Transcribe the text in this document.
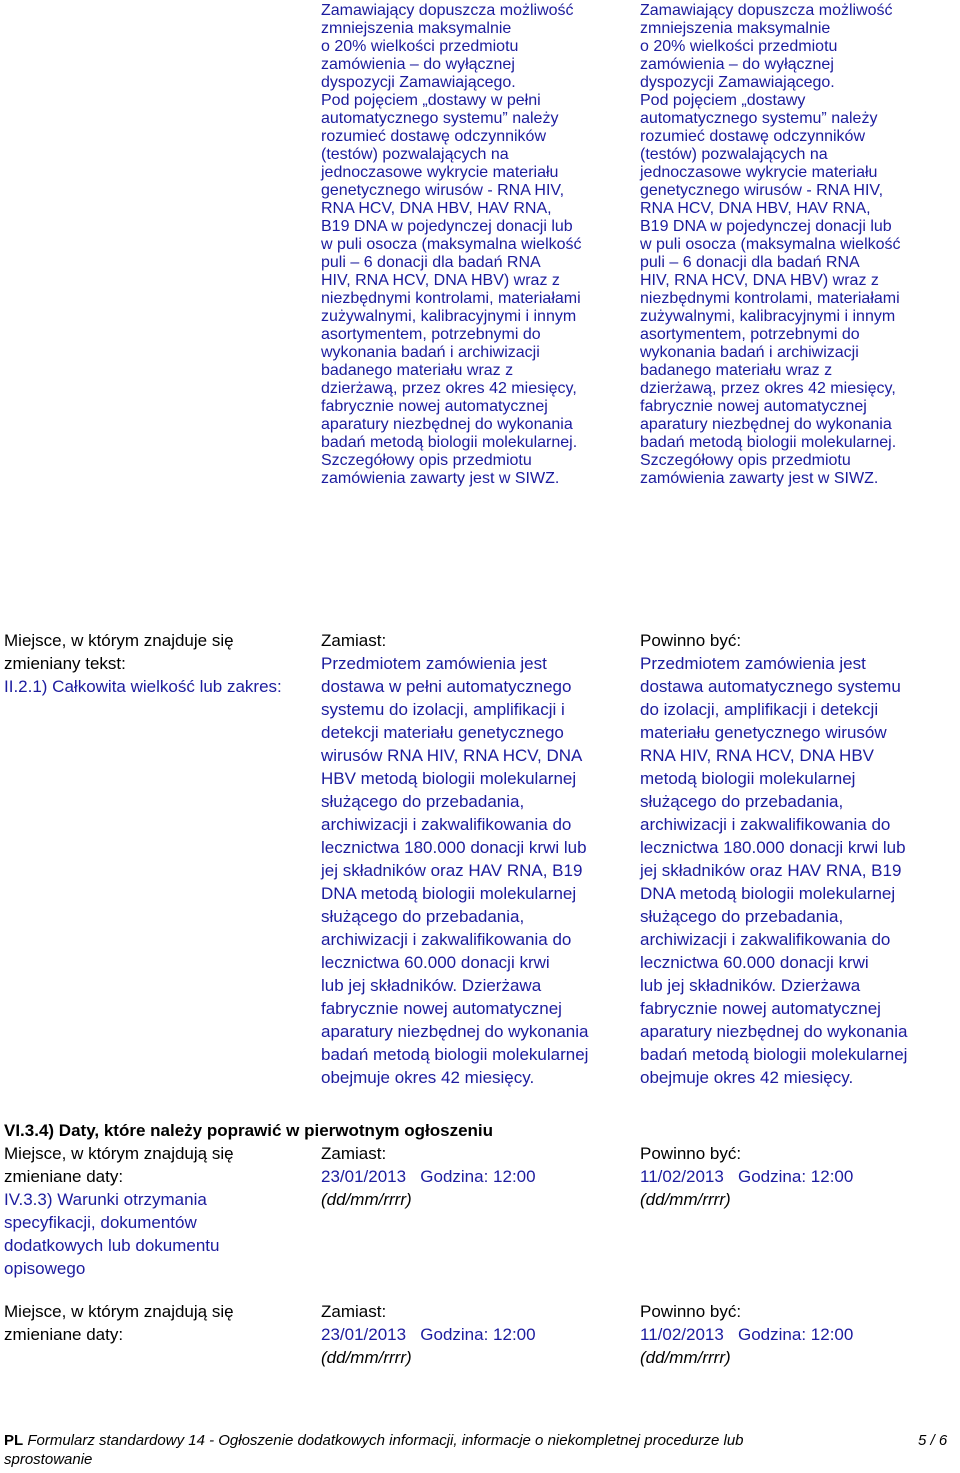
Zamawiający dopuszcza możliwość
zmniejszenia maksymalnie
o 20% wielkości przedmiotu
zamówienia – do wyłącznej
dyspozycji Zamawiającego.
Pod pojęciem „dostawy w pełni
automatycznego systemu” należy
rozumieć dostawę odczynników
(testów) pozwalających na
jednoczasowe wykrycie materiału
genetycznego wirusów - RNA HIV,
RNA HCV, DNA HBV, HAV RNA,
B19 DNA w pojedynczej donacji lub
w puli osocza (maksymalna wielkość
puli – 6 donacji dla badań RNA
HIV, RNA HCV, DNA HBV) wraz z
niezbędnymi kontrolami, materiałami
zużywalnymi, kalibracyjnymi i innym
asortymentem, potrzebnymi do
wykonania badań i archiwizacji
badanego materiału wraz z
dzierżawą, przez okres 42 miesięcy,
fabrycznie nowej automatycznej
aparatury niezbędnej do wykonania
badań metodą biologii molekularnej.
Szczegółowy opis przedmiotu
zamówienia zawarty jest w SIWZ.
Zamawiający dopuszcza możliwość
zmniejszenia maksymalnie
o 20% wielkości przedmiotu
zamówienia – do wyłącznej
dyspozycji Zamawiającego.
Pod pojęciem „dostawy
automatycznego systemu” należy
rozumieć dostawę odczynników
(testów) pozwalających na
jednoczasowe wykrycie materiału
genetycznego wirusów - RNA HIV,
RNA HCV, DNA HBV, HAV RNA,
B19 DNA w pojedynczej donacji lub
w puli osocza (maksymalna wielkość
puli – 6 donacji dla badań RNA
HIV, RNA HCV, DNA HBV) wraz z
niezbędnymi kontrolami, materiałami
zużywalnymi, kalibracyjnymi i innym
asortymentem, potrzebnymi do
wykonania badań i archiwizacji
badanego materiału wraz z
dzierżawą, przez okres 42 miesięcy,
fabrycznie nowej automatycznej
aparatury niezbędnej do wykonania
badań metodą biologii molekularnej.
Szczegółowy opis przedmiotu
zamówienia zawarty jest w SIWZ.
Miejsce, w którym znajduje się
zmieniany tekst:
II.2.1) Całkowita wielkość lub zakres:
Zamiast:
Przedmiotem zamówienia jest
dostawa w pełni automatycznego
systemu do izolacji, amplifikacji i
detekcji materiału genetycznego
wirusów RNA HIV, RNA HCV, DNA
HBV metodą biologii molekularnej
służącego do przebadania,
archiwizacji i zakwalifikowania do
lecznictwa 180.000 donacji krwi lub
jej składników oraz HAV RNA, B19
DNA metodą biologii molekularnej
służącego do przebadania,
archiwizacji i zakwalifikowania do
lecznictwa 60.000 donacji krwi
lub jej składników. Dzierżawa
fabrycznie nowej automatycznej
aparatury niezbędnej do wykonania
badań metodą biologii molekularnej
obejmuje okres 42 miesięcy.
Powinno być:
Przedmiotem zamówienia jest
dostawa automatycznego systemu
do izolacji, amplifikacji i detekcji
materiału genetycznego wirusów
RNA HIV, RNA HCV, DNA HBV
metodą biologii molekularnej
służącego do przebadania,
archiwizacji i zakwalifikowania do
lecznictwa 180.000 donacji krwi lub
jej składników oraz HAV RNA, B19
DNA metodą biologii molekularnej
służącego do przebadania,
archiwizacji i zakwalifikowania do
lecznictwa 60.000 donacji krwi
lub jej składników. Dzierżawa
fabrycznie nowej automatycznej
aparatury niezbędnej do wykonania
badań metodą biologii molekularnej
obejmuje okres 42 miesięcy.
VI.3.4) Daty, które należy poprawić w pierwotnym ogłoszeniu
Miejsce, w którym znajdują się
zmieniane daty:
IV.3.3) Warunki otrzymania
specyfikacji, dokumentów
dodatkowych lub dokumentu
opisowego
Zamiast:
23/01/2013 Godzina: 12:00
(dd/mm/rrrr)
Powinno być:
11/02/2013 Godzina: 12:00
(dd/mm/rrrr)
Miejsce, w którym znajdują się
zmieniane daty:
Zamiast:
23/01/2013 Godzina: 12:00
(dd/mm/rrrr)
Powinno być:
11/02/2013 Godzina: 12:00
(dd/mm/rrrr)
PL Formularz standardowy 14 - Ogłoszenie dodatkowych informacji, informacje o niekompletnej procedurze lub
sprostowanie
5 / 6
